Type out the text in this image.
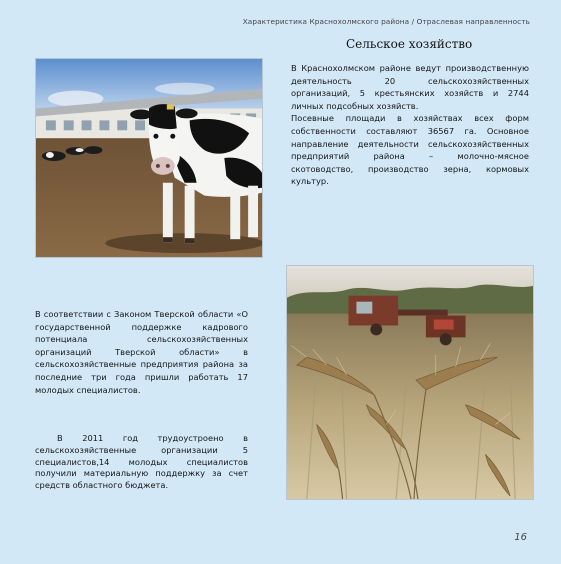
Характеристика Краснохолмского района / Отраслевая направленность
Сельское хозяйство

В Краснохолмском районе ведут производственную деятельность 20 сельскохозяйственных организаций, 5 крестьянских хозяйств и 2744 личных подсобных хозяйств.

Посевные площади в хозяйствах всех форм собственности составляют 36567 га. Основное направление деятельности сельскохозяйственных предприятий района – молочно-мясное скотоводство, производство зерна, кормовых культур.

В соответствии с Законом Тверской области «О государственной поддержке кадрового потенциала сельскохозяйственных организаций Тверской области» в сельскохозяйственные предприятия района за последние три года пришли работать 17 молодых специалистов.

В 2011 год трудоустроено в сельскохозяйственные организации 5 специалистов,14 молодых специалистов получили материальную поддержку за счет средств областного бюджета.

16
